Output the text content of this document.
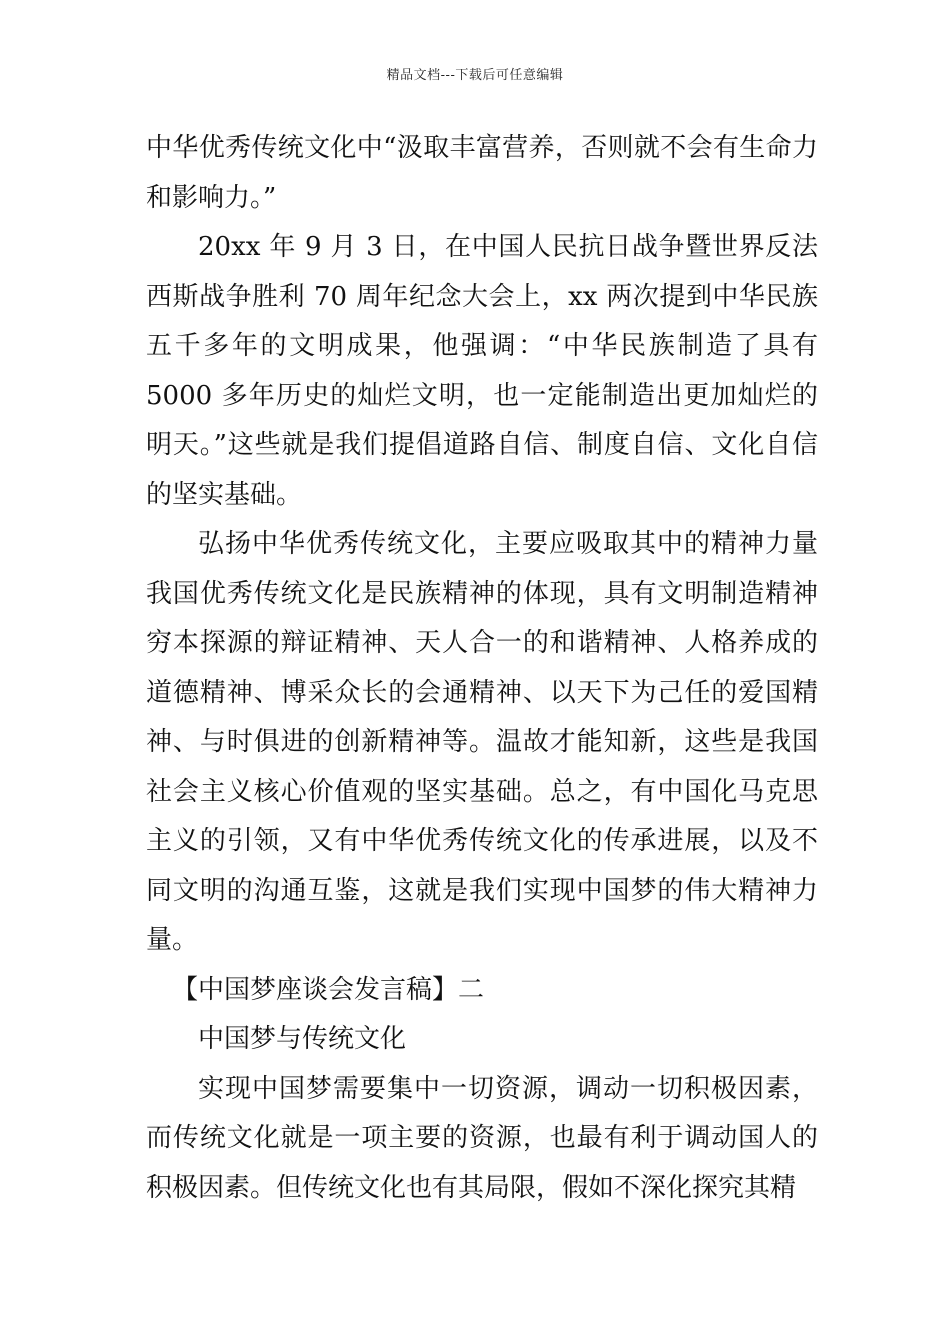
精品文档---下载后可任意编辑

中华优秀传统文化中“汲取丰富营养，否则就不会有生命力和影响力。”

20xx 年 9 月 3 日，在中国人民抗日战争暨世界反法西斯战争胜利 70 周年纪念大会上，xx 两次提到中华民族五千多年的文明成果，他强调：“中华民族制造了具有 5000 多年历史的灿烂文明，也一定能制造出更加灿烂的明天。”这些就是我们提倡道路自信、制度自信、文化自信的坚实基础。

弘扬中华优秀传统文化，主要应吸取其中的精神力量我国优秀传统文化是民族精神的体现，具有文明制造精神穷本探源的辩证精神、天人合一的和谐精神、人格养成的道德精神、博采众长的会通精神、以天下为己任的爱国精神、与时俱进的创新精神等。温故才能知新，这些是我国社会主义核心价值观的坚实基础。总之，有中国化马克思主义的引领，又有中华优秀传统文化的传承进展，以及不同文明的沟通互鉴，这就是我们实现中国梦的伟大精神力量。

【中国梦座谈会发言稿】二

中国梦与传统文化

实现中国梦需要集中一切资源，调动一切积极因素，而传统文化就是一项主要的资源，也最有利于调动国人的积极因素。但传统文化也有其局限，假如不深化探究其精
